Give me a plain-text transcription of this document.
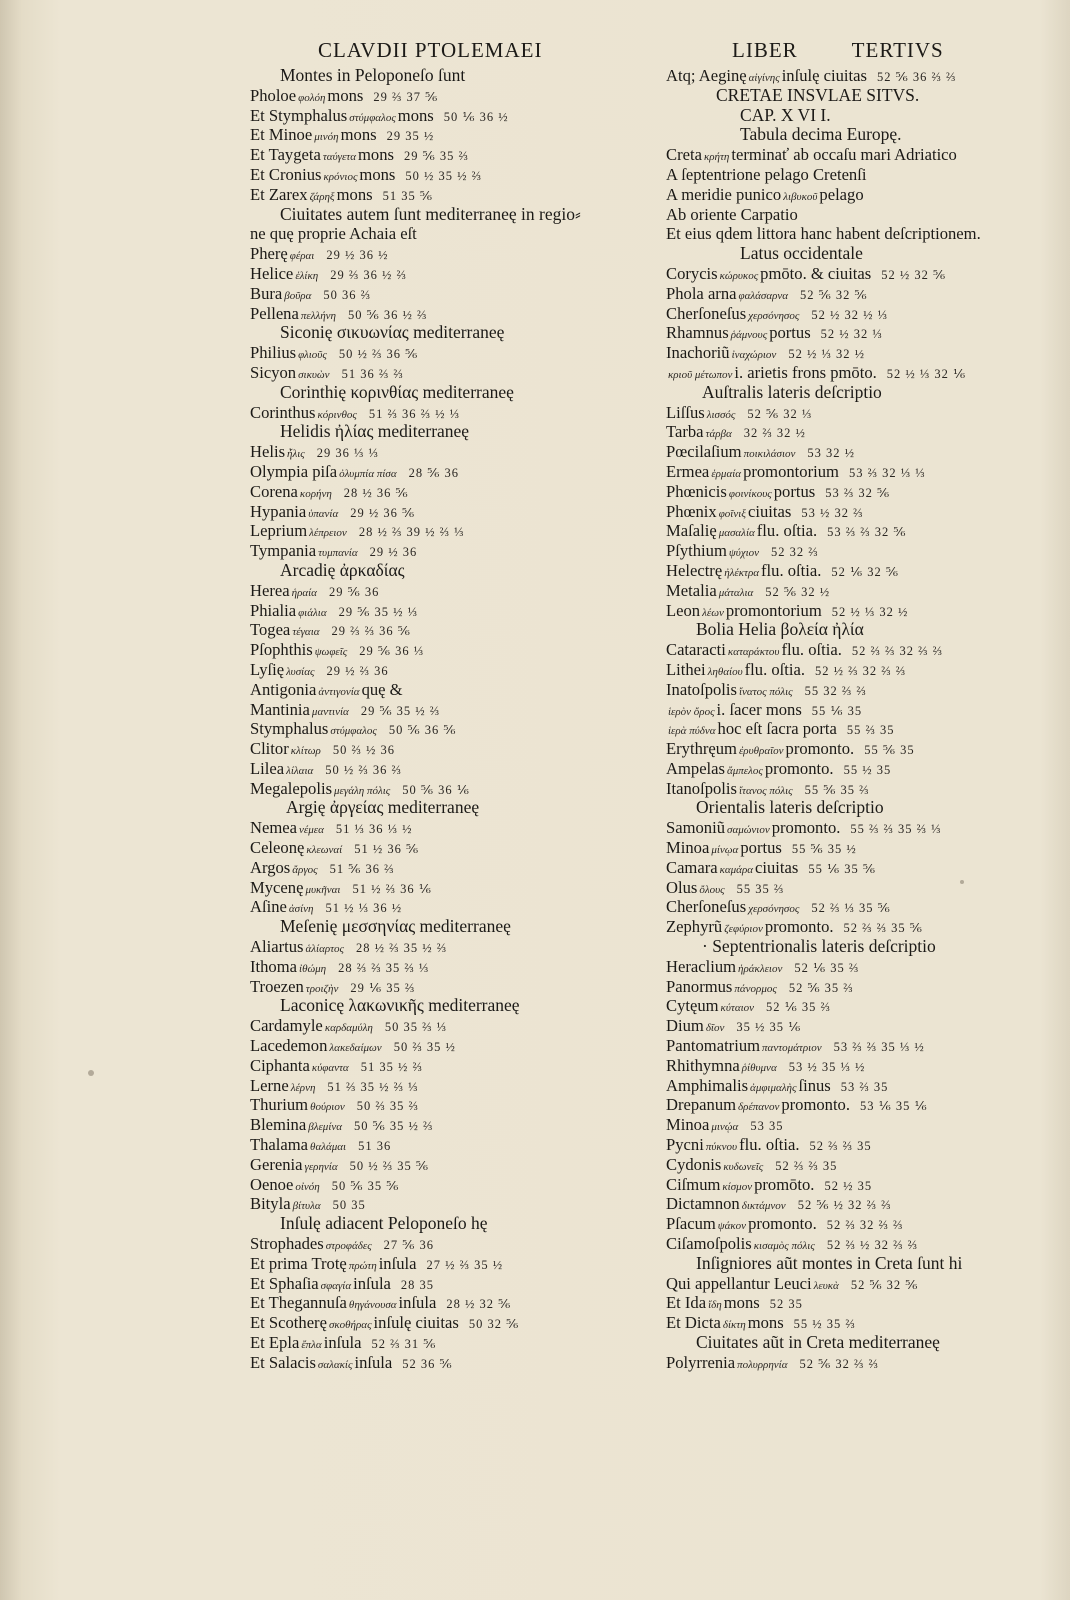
CLAVDII PTOLEMAEI	LIBER	TERTIVS
Montes in Peloponeſo ſunt
Pholoe φολόη mons 29 ⅔ 37 ⅚
Et Stymphalus στύμφαλος mons 50 ⅙ 36 ½
Et Minoe μινόη mons 29 35 ½
Et Taygeta ταύγετα mons 29 ⅚ 35 ⅔
Et Cronius κρόνιος mons 50 ½ 35 ½ ⅔
Et Zarex ζάρηξ mons 51 35 ⅚
Ciuitates autem ſunt mediterraneę in regio⸗
ne quę proprie Achaia eſt
Pherę φέραι 29 ½ 36 ½
Helice ἑλίκη 29 ⅔ 36 ½ ⅔
Bura βοῦρα 50 36 ⅔
Pellena πελλήνη 50 ⅚ 36 ½ ⅔
Siconię σικυωνίας mediterraneę
Philius φλιοῦς 50 ½ ⅔ 36 ⅚
Sicyon σικυὼν 51 36 ⅔ ⅔
Corinthię κορινθίας mediterraneę
Corinthus κόρινθος 51 ⅔ 36 ⅔ ½ ⅓
Helidis ἠλίας mediterraneę
Helis ἦλις 29 36 ⅓ ⅓
Olympia piſa ὀλυμπία πίσα 28 ⅚ 36
Corena κορήνη 28 ½ 36 ⅚
Hypania ὑπανία 29 ½ 36 ⅚
Leprium λέπρειον 28 ½ ⅔ 39 ½ ⅔ ⅓
Tympania τυμπανία 29 ½ 36
Arcadię ἀρκαδίας
Herea ἡραία 29 ⅚ 36
Phialia φιάλια 29 ⅚ 35 ½ ⅓
Togea τέγαια 29 ⅔ ⅔ 36 ⅚
Pſophthis ψωφεῖς 29 ⅚ 36 ⅓
Lyſię λυσίας 29 ½ ⅔ 36
Antigonia ἀντιγονία quę &
Mantinia μαντινία 29 ⅚ 35 ½ ⅔
Stymphalus στύμφαλος 50 ⅚ 36 ⅚
Clitor κλίτωρ 50 ⅔ ½ 36
Lilea λίλαια 50 ½ ⅔ 36 ⅔
Megalepolis μεγάλη πόλις 50 ⅚ 36 ⅙
Argię ἀργείας mediterraneę
Nemea νέμεα 51 ⅓ 36 ⅓ ½
Celeonę κλεωναί 51 ½ 36 ⅚
Argos ἄργος 51 ⅚ 36 ⅔
Mycenę μυκῆναι 51 ½ ⅔ 36 ⅙
Aſine ἀσίνη 51 ½ ⅓ 36 ½
Meſenię μεσσηνίας mediterraneę
Aliartus ἁλίαρτος 28 ½ ⅔ 35 ½ ⅔
Ithoma ἰθώμη 28 ⅔ ⅔ 35 ⅔ ⅓
Troezen τροιζὴν 29 ⅙ 35 ⅔
Laconicę λακωνικῆς mediterraneę
Cardamyle καρδαμύλη 50 35 ⅔ ⅓
Lacedemon λακεδαίμων 50 ⅔ 35 ½
Ciphanta κύφαντα 51 35 ½ ⅔
Lerne λέρνη 51 ⅔ 35 ½ ⅔ ⅓
Thurium θούριον 50 ⅔ 35 ⅔
Blemina βλεμίνα 50 ⅚ 35 ½ ⅔
Thalama θαλάμαι 51 36
Gerenia γερηνία 50 ½ ⅔ 35 ⅚
Oenoe οἰνόη 50 ⅚ 35 ⅚
Bityla βίτυλα 50 35
Inſulę adiacent Peloponeſo hę
Strophades στροφάδες 27 ⅚ 36
Et prima Trotę πρώτη inſula 27 ½ ⅔ 35 ½
Et Sphaſia σφαγία inſula 28 35
Et Thegannuſa θηγάνουσα inſula 28 ½ 32 ⅚
Et Scotherę σκοθήρας inſulę ciuitas 50 32 ⅚
Et Epla ἔπλα inſula 52 ⅔ 31 ⅚
Et Salacis σαλακίς inſula 52 36 ⅚
Atq; Aeginę αἰγίνης inſulę ciuitas 52 ⅚ 36 ⅔ ⅔
CRETAE INSVLAE SITVS.
CAP. X VI I.
Tabula decima Europę.
Creta κρήτη terminať ab occaſu mari Adriatico
A ſeptentrione pelago Cretenſi
A meridie punico λιβυκοῦ pelago
Ab oriente Carpatio
Et eius qdem littora hanc habent deſcriptionem.
Latus occidentale
Corycis κώρυκος pmōto. & ciuitas 52 ½ 32 ⅚
Phola arna φαλάσαρνα 52 ⅚ 32 ⅚
Cherſoneſus χερσόνησος 52 ½ 32 ½ ⅓
Rhamnus ῥάμνους portus 52 ½ 32 ⅓
Inachoriũ ἰναχώριον 52 ½ ⅓ 32 ½
κριοῦ μέτωπον i. arietis frons pmōto. 52 ½ ⅓ 32 ⅙
Auſtralis lateris deſcriptio
Liſſus λισσός 52 ⅚ 32 ⅓
Tarba τάρβα 32 ⅔ 32 ½
Pœcilaſium ποικιλάσιον 53 32 ½
Ermea ἑρμαία promontorium 53 ⅔ 32 ⅓ ⅓
Phœnicis φοινίκους portus 53 ⅔ 32 ⅚
Phœnix φοῖνιξ ciuitas 53 ½ 32 ⅔
Maſalię μασαλία flu. oſtia. 53 ⅔ ⅔ 32 ⅚
Pſythium ψύχιον 52 32 ⅔
Helectrę ἠλέκτρα flu. oſtia. 52 ⅙ 32 ⅚
Metalia μάταλια 52 ⅚ 32 ½
Leon λέων promontorium 52 ½ ⅓ 32 ½
Bolia Helia βολεία ἠλία
Cataracti καταράκτου flu. oſtia. 52 ⅔ ⅔ 32 ⅔ ⅔
Lithei ληθαίου flu. oſtia. 52 ½ ⅔ 32 ⅔ ⅔
Inatoſpolis ἴνατος πόλις 55 32 ⅔ ⅔
ἱερὸν ὄρος i. ſacer mons 55 ⅙ 35
ἱερὰ πύδνα hoc eſt ſacra porta 55 ⅔ 35
Erythręum ἐρυθραῖον promonto. 55 ⅚ 35
Ampelas ἄμπελος promonto. 55 ½ 35
Itanoſpolis ἴτανος πόλις 55 ⅚ 35 ⅔
Orientalis lateris deſcriptio
Samoniũ σαμώνιον promonto. 55 ⅔ ⅔ 35 ⅔ ⅓
Minoa μίνῳα portus 55 ⅚ 35 ½
Camara καμάρα ciuitas 55 ⅙ 35 ⅚
Olus ὄλους 55 35 ⅔
Cherſoneſus χερσόνησος 52 ⅔ ⅓ 35 ⅚
Zephyrũ ζεφύριον promonto. 52 ⅔ ⅔ 35 ⅚
· Septentrionalis lateris deſcriptio
Heraclium ἡράκλειον 52 ⅙ 35 ⅔
Panormus πάνορμος 52 ⅚ 35 ⅔
Cytęum κύταιον 52 ⅙ 35 ⅔
Dium δῖον 35 ½ 35 ⅙
Pantomatrium παντομάτριον 53 ⅔ ⅔ 35 ⅓ ½
Rhithymna ῥίθυμνα 53 ½ 35 ⅓ ½
Amphimalis ἀμφιμαλὴς ſinus 53 ⅔ 35
Drepanum δρέπανον promonto. 53 ⅙ 35 ⅙
Minoa μινῴα 53 35
Pycni πύκνου flu. oſtia. 52 ⅔ ⅔ 35
Cydonis κυδωνεῖς 52 ⅔ ⅔ 35
Ciſmum κίσμον promōto. 52 ½ 35
Dictamnon δικτάμνον 52 ⅚ ½ 32 ⅔ ⅔
Pſacum ψάκον promonto. 52 ⅔ 32 ⅔ ⅔
Ciſamoſpolis κισαμὸς πόλις 52 ⅔ ½ 32 ⅔ ⅔
Inſigniores aũt montes in Creta ſunt hi
Qui appellantur Leuci λευκὰ 52 ⅚ 32 ⅚
Et Ida ἴδη mons 52 35
Et Dicta δίκτη mons 55 ½ 35 ⅔
Ciuitates aũt in Creta mediterraneę
Polyrrenia πολυρρηνία 52 ⅚ 32 ⅔ ⅔
